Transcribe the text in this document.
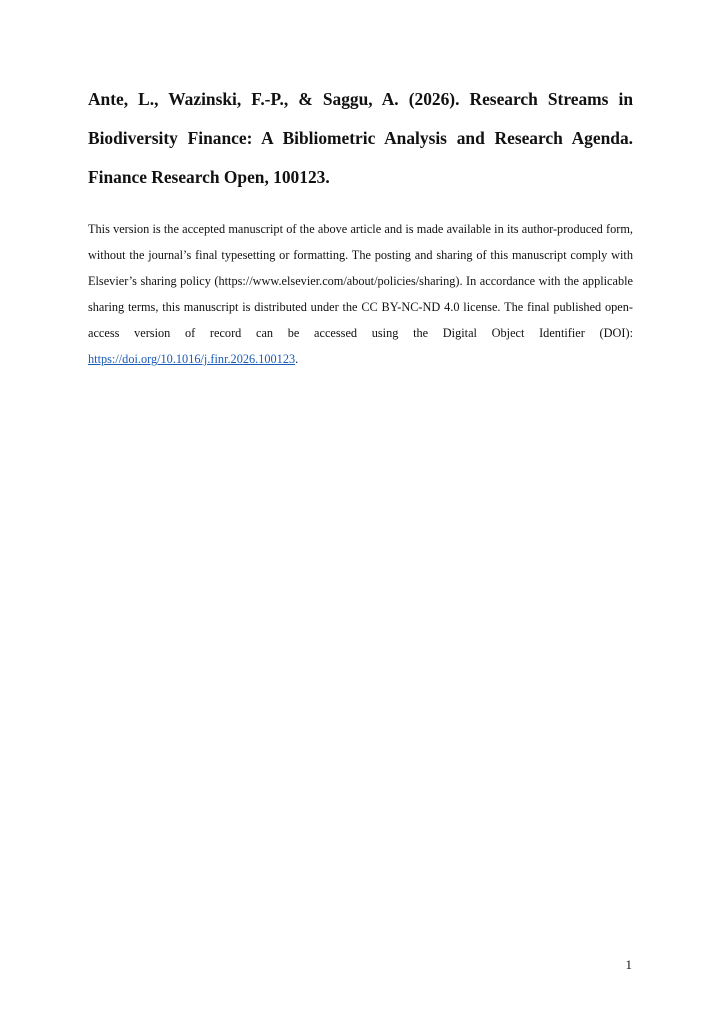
Ante, L., Wazinski, F.-P., & Saggu, A. (2026). Research Streams in Biodiversity Finance: A Bibliometric Analysis and Research Agenda. Finance Research Open, 100123.

This version is the accepted manuscript of the above article and is made available in its author-produced form, without the journal’s final typesetting or formatting. The posting and sharing of this manuscript comply with Elsevier’s sharing policy (https://www.elsevier.com/about/policies/sharing). In accordance with the applicable sharing terms, this manuscript is distributed under the CC BY-NC-ND 4.0 license. The final published open-access version of record can be accessed using the Digital Object Identifier (DOI): https://doi.org/10.1016/j.finr.2026.100123.

1
